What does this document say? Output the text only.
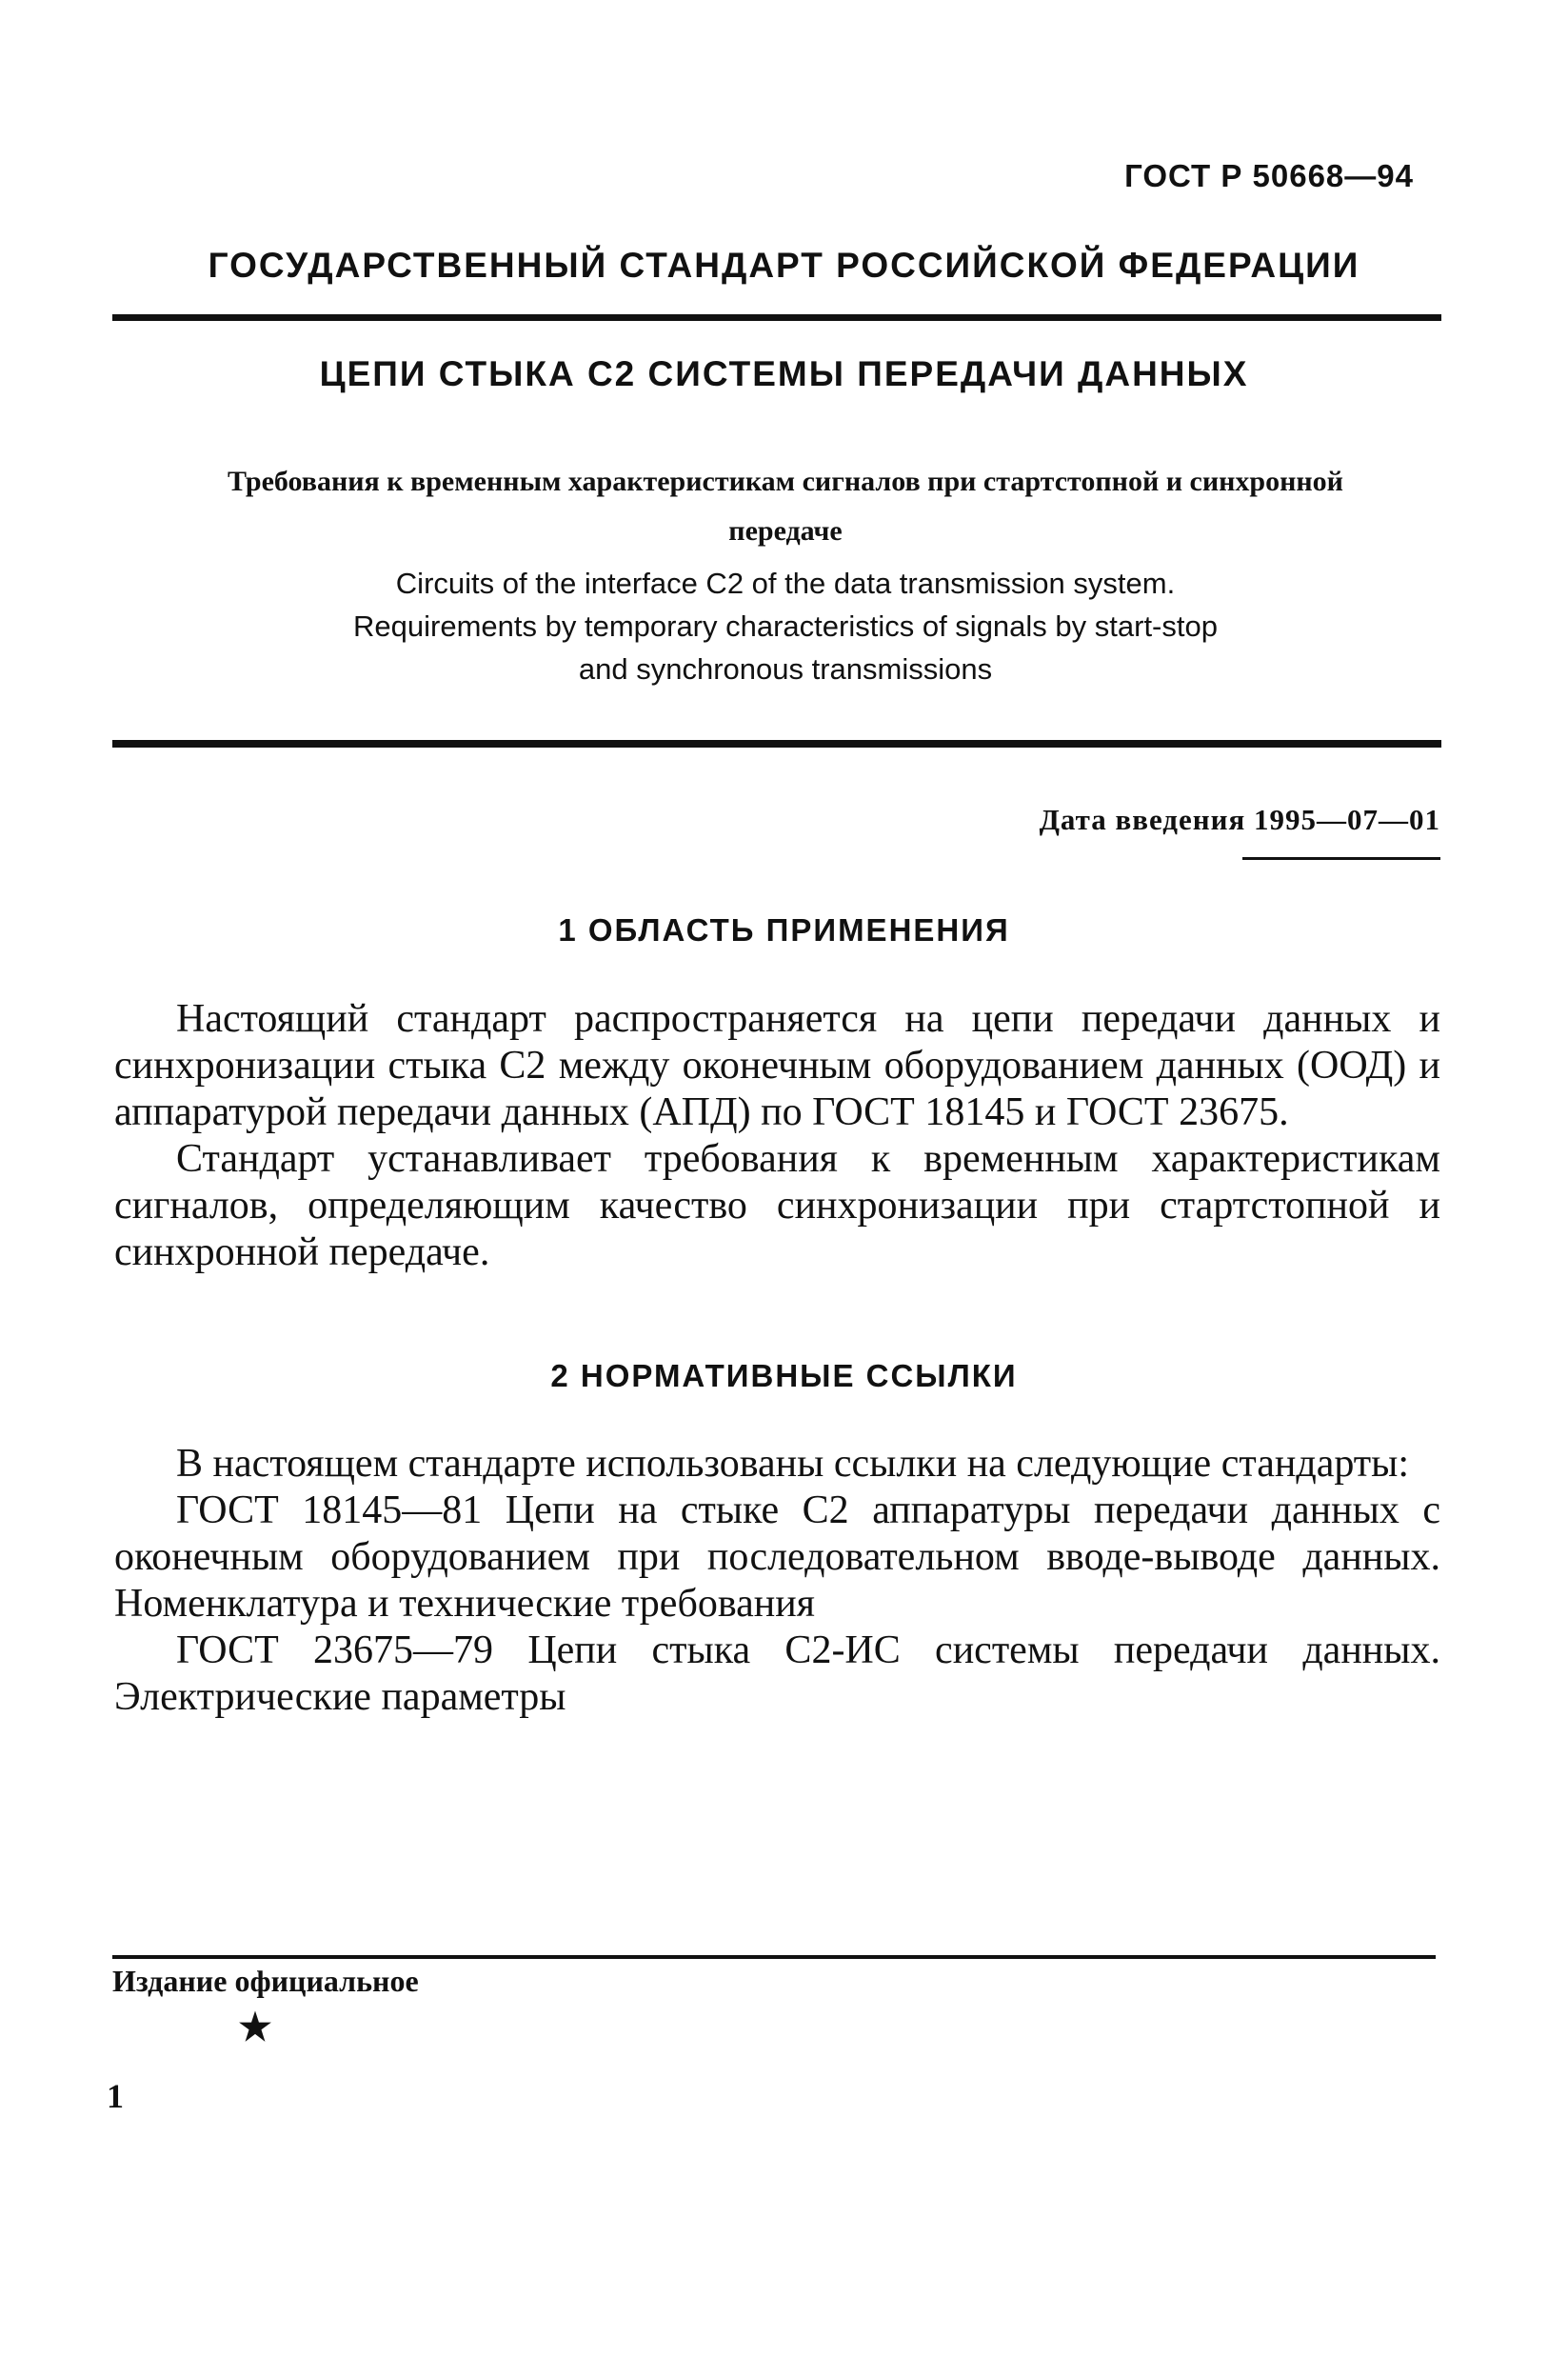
ГОСТ Р 50668—94
ГОСУДАРСТВЕННЫЙ СТАНДАРТ РОССИЙСКОЙ ФЕДЕРАЦИИ
ЦЕПИ СТЫКА С2 СИСТЕМЫ ПЕРЕДАЧИ ДАННЫХ
Требования к временным характеристикам сигналов при стартстопной и синхронной передаче
Circuits of the interface C2 of the data transmission system.
Requirements by temporary characteristics of signals by start-stop
and synchronous transmissions
Дата введения 1995—07—01
1 ОБЛАСТЬ ПРИМЕНЕНИЯ

Настоящий стандарт распространяется на цепи передачи данных и синхронизации стыка С2 между оконечным оборудованием данных (ООД) и аппаратурой передачи данных (АПД) по ГОСТ 18145 и ГОСТ 23675.

Стандарт устанавливает требования к временным характеристикам сигналов, определяющим качество синхронизации при стартстопной и синхронной передаче.

2 НОРМАТИВНЫЕ ССЫЛКИ

В настоящем стандарте использованы ссылки на следующие стандарты:

ГОСТ 18145—81 Цепи на стыке С2 аппаратуры передачи данных с оконечным оборудованием при последовательном вводе-выводе данных. Номенклатура и технические требования

ГОСТ 23675—79 Цепи стыка С2-ИС системы передачи данных. Электрические параметры

Издание официальное
1
